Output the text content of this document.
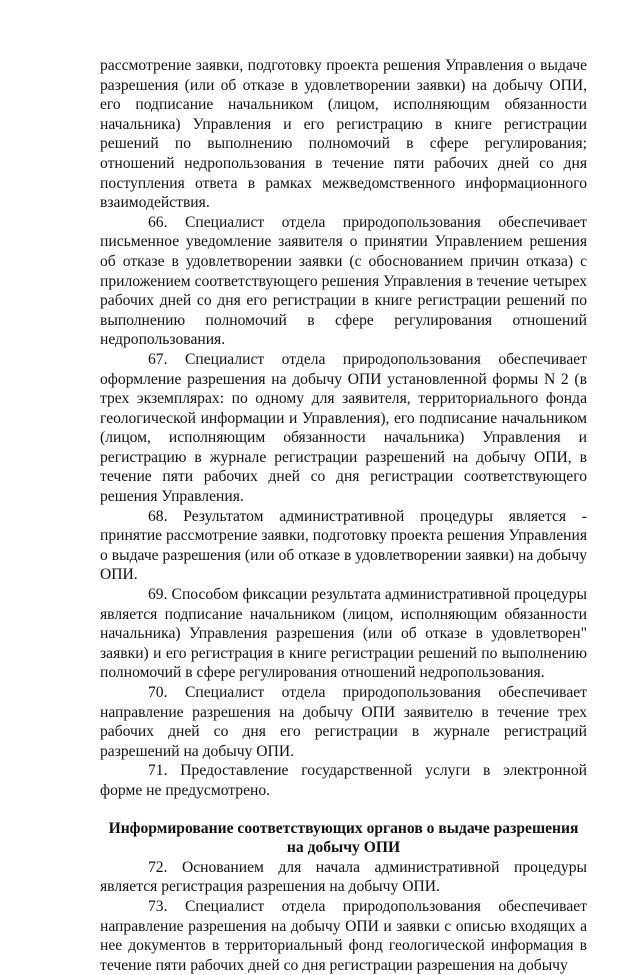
рассмотрение заявки, подготовку проекта решения Управления о выдаче разрешения (или об отказе в удовлетворении заявки) на добычу ОПИ, его подписание начальником (лицом, исполняющим обязанности начальника) Управления и его регистрацию в книге регистрации решений по выполнению полномочий в сфере регулирования; отношений недропользования в течение пяти рабочих дней со дня поступления ответа в рамках межведомственного информационного взаимодействия.

66. Специалист отдела природопользования обеспечивает письменное уведомление заявителя о принятии Управлением решения об отказе в удовлетворении заявки (с обоснованием причин отказа) с приложением соответствующего решения Управления в течение четырех рабочих дней со дня его регистрации в книге регистрации решений по выполнению полномочий в сфере регулирования отношений недропользования.

67. Специалист отдела природопользования обеспечивает оформление разрешения на добычу ОПИ установленной формы N 2 (в трех экземплярах: по одному для заявителя, территориального фонда геологической информации и Управления), его подписание начальником (лицом, исполняющим обязанности начальника) Управления и регистрацию в журнале регистрации разрешений на добычу ОПИ, в течение пяти рабочих дней со дня регистрации соответствующего решения Управления.

68. Результатом административной процедуры является - принятие рассмотрение заявки, подготовку проекта решения Управления о выдаче разрешения (или об отказе в удовлетворении заявки) на добычу ОПИ.

69. Способом фиксации результата административной процедуры является подписание начальником (лицом, исполняющим обязанности начальника) Управления разрешения (или об отказе в удовлетворен" заявки) и его регистрация в книге регистрации решений по выполнению полномочий в сфере регулирования отношений недропользования.

70. Специалист отдела природопользования обеспечивает направление разрешения на добычу ОПИ заявителю в течение трех рабочих дней со дня его регистрации в журнале регистраций разрешений на добычу ОПИ.

71. Предоставление государственной услуги в электронной форме не предусмотрено.

Информирование соответствующих органов о выдаче разрешения на добычу ОПИ

72. Основанием для начала административной процедуры является регистрация разрешения на добычу ОПИ.

73. Специалист отдела природопользования обеспечивает направление разрешения на добычу ОПИ и заявки с описью входящих а нее документов в территориальный фонд геологической информация в течение пяти рабочих дней со дня регистрации разрешения на добычу
